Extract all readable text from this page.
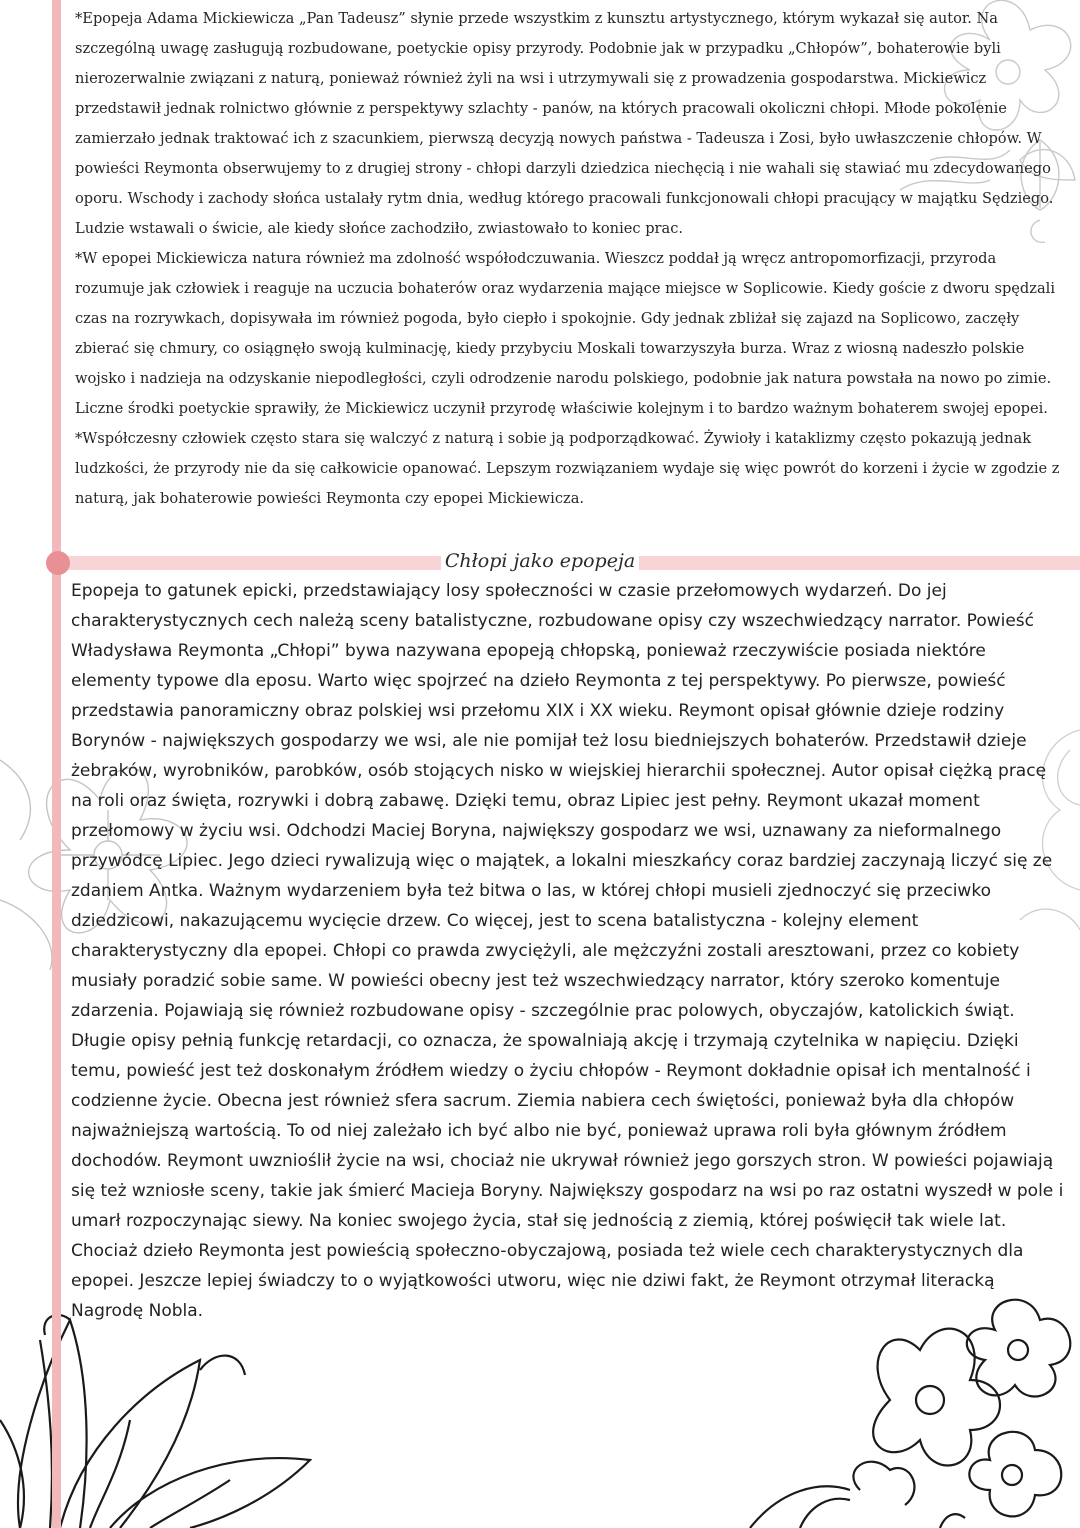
*Epopeja Adama Mickiewicza „Pan Tadeusz” słynie przede wszystkim z kunsztu artystycznego, którym wykazał się autor. Na szczególną uwagę zasługują rozbudowane, poetyckie opisy przyrody. Podobnie jak w przypadku „Chłopów”, bohaterowie byli nierozerwalnie związani z naturą, ponieważ również żyli na wsi i utrzymywali się z prowadzenia gospodarstwa. Mickiewicz przedstawił jednak rolnictwo głównie z perspektywy szlachty - panów, na których pracowali okoliczni chłopi. Młode pokolenie zamierzało jednak traktować ich z szacunkiem, pierwszą decyzją nowych państwa - Tadeusza i Zosi, było uwłaszczenie chłopów. W powieści Reymonta obserwujemy to z drugiej strony - chłopi darzyli dziedzica niechęcią i nie wahali się stawiać mu zdecydowanego oporu. Wschody i zachody słońca ustalały rytm dnia, według którego pracowali funkcjonowali chłopi pracujący w majątku Sędziego. Ludzie wstawali o świcie, ale kiedy słońce zachodziło, zwiastowało to koniec prac.

*W epopei Mickiewicza natura również ma zdolność współodczuwania. Wieszcz poddał ją wręcz antropomorfizacji, przyroda rozumuje jak człowiek i reaguje na uczucia bohaterów oraz wydarzenia mające miejsce w Soplicowie. Kiedy goście z dworu spędzali czas na rozrywkach, dopisywała im również pogoda, było ciepło i spokojnie. Gdy jednak zbliżał się zajazd na Soplicowo, zaczęły zbierać się chmury, co osiągnęło swoją kulminację, kiedy przybyciu Moskali towarzyszyła burza. Wraz z wiosną nadeszło polskie wojsko i nadzieja na odzyskanie niepodległości, czyli odrodzenie narodu polskiego, podobnie jak natura powstała na nowo po zimie. Liczne środki poetyckie sprawiły, że Mickiewicz uczynił przyrodę właściwie kolejnym i to bardzo ważnym bohaterem swojej epopei.

*Współczesny człowiek często stara się walczyć z naturą i sobie ją podporządkować. Żywioły i kataklizmy często pokazują jednak ludzkości, że przyrody nie da się całkowicie opanować. Lepszym rozwiązaniem wydaje się więc powrót do korzeni i życie w zgodzie z naturą, jak bohaterowie powieści Reymonta czy epopei Mickiewicza.

Chłopi jako epopeja

Epopeja to gatunek epicki, przedstawiający losy społeczności w czasie przełomowych wydarzeń. Do jej charakterystycznych cech należą sceny batalistyczne, rozbudowane opisy czy wszechwiedzący narrator. Powieść Władysława Reymonta „Chłopi” bywa nazywana epopeją chłopską, ponieważ rzeczywiście posiada niektóre elementy typowe dla eposu. Warto więc spojrzeć na dzieło Reymonta z tej perspektywy. Po pierwsze, powieść przedstawia panoramiczny obraz polskiej wsi przełomu XIX i XX wieku. Reymont opisał głównie dzieje rodziny Borynów - największych gospodarzy we wsi, ale nie pomijał też losu biedniejszych bohaterów. Przedstawił dzieje żebraków, wyrobników, parobków, osób stojących nisko w wiejskiej hierarchii społecznej. Autor opisał ciężką pracę na roli oraz święta, rozrywki i dobrą zabawę. Dzięki temu, obraz Lipiec jest pełny. Reymont ukazał moment przełomowy w życiu wsi. Odchodzi Maciej Boryna, największy gospodarz we wsi, uznawany za nieformalnego przywódcę Lipiec. Jego dzieci rywalizują więc o majątek, a lokalni mieszkańcy coraz bardziej zaczynają liczyć się ze zdaniem Antka. Ważnym wydarzeniem była też bitwa o las, w której chłopi musieli zjednoczyć się przeciwko dziedzicowi, nakazującemu wycięcie drzew. Co więcej, jest to scena batalistyczna - kolejny element charakterystyczny dla epopei. Chłopi co prawda zwyciężyli, ale mężczyźni zostali aresztowani, przez co kobiety musiały poradzić sobie same. W powieści obecny jest też wszechwiedzący narrator, który szeroko komentuje zdarzenia. Pojawiają się również rozbudowane opisy - szczególnie prac polowych, obyczajów, katolickich świąt. Długie opisy pełnią funkcję retardacji, co oznacza, że spowalniają akcję i trzymają czytelnika w napięciu. Dzięki temu, powieść jest też doskonałym źródłem wiedzy o życiu chłopów - Reymont dokładnie opisał ich mentalność i codzienne życie. Obecna jest również sfera sacrum. Ziemia nabiera cech świętości, ponieważ była dla chłopów najważniejszą wartością. To od niej zależało ich być albo nie być, ponieważ uprawa roli była głównym źródłem dochodów. Reymont uwznioślił życie na wsi, chociaż nie ukrywał również jego gorszych stron. W powieści pojawiają się też wzniosłe sceny, takie jak śmierć Macieja Boryny. Największy gospodarz na wsi po raz ostatni wyszedł w pole i umarł rozpoczynając siewy. Na koniec swojego życia, stał się jednością z ziemią, której poświęcił tak wiele lat. Chociaż dzieło Reymonta jest powieścią społeczno-obyczajową, posiada też wiele cech charakterystycznych dla epopei. Jeszcze lepiej świadczy to o wyjątkowości utworu, więc nie dziwi fakt, że Reymont otrzymał literacką Nagrodę Nobla.
